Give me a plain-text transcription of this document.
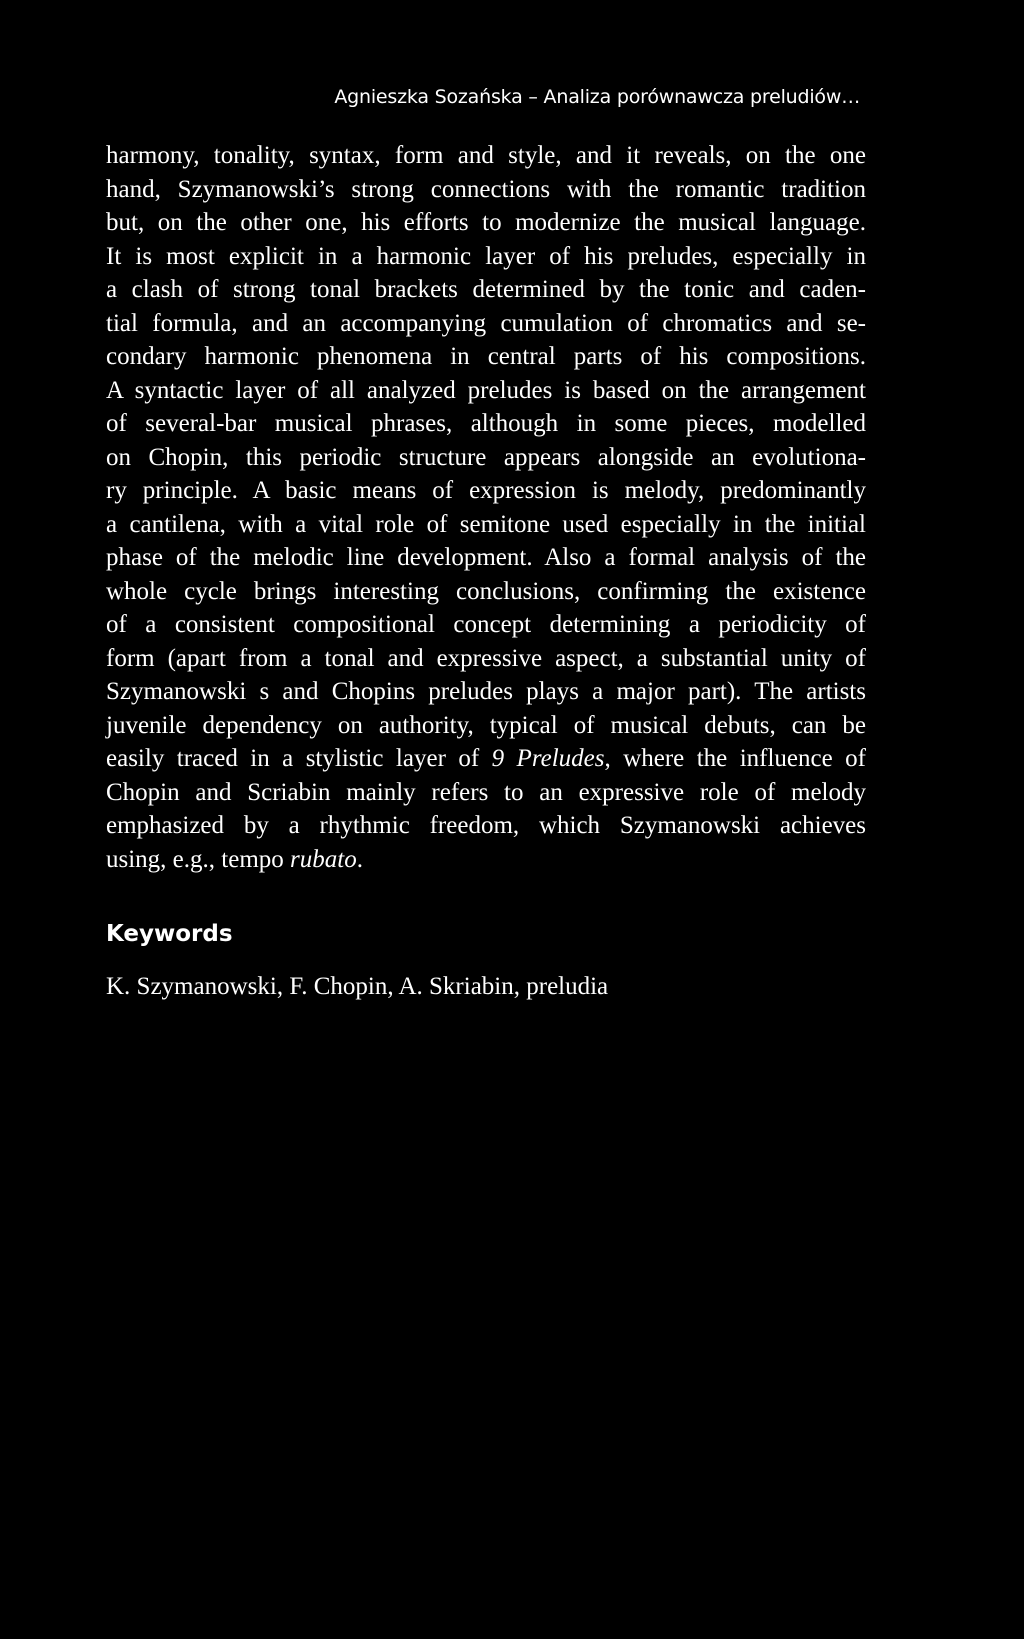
Agnieszka Sozańska – Analiza porównawcza preludiów…
harmony, tonality, syntax, form and style, and it reveals, on the one
hand, Szymanowski’s strong connections with the romantic tradition
but, on the other one, his efforts to modernize the musical language.
It is most explicit in a harmonic layer of his preludes, especially in
a clash of strong tonal brackets determined by the tonic and caden-
tial formula, and an accompanying cumulation of chromatics and se-
condary harmonic phenomena in central parts of his compositions.
A syntactic layer of all analyzed preludes is based on the arrangement
of several-bar musical phrases, although in some pieces, modelled
on Chopin, this periodic structure appears alongside an evolutiona-
ry principle. A basic means of expression is melody, predominantly
a cantilena, with a vital role of semitone used especially in the initial
phase of the melodic line development. Also a formal analysis of the
whole cycle brings interesting conclusions, confirming the existence
of a consistent compositional concept determining a periodicity of
form (apart from a tonal and expressive aspect, a substantial unity of
Szymanowski s and Chopins preludes plays a major part). The artists
juvenile dependency on authority, typical of musical debuts, can be
easily traced in a stylistic layer of 9 Preludes, where the influence of
Chopin and Scriabin mainly refers to an expressive role of melody
emphasized by a rhythmic freedom, which Szymanowski achieves
using, e.g., tempo rubato.
Keywords
K. Szymanowski, F. Chopin, A. Skriabin, preludia
